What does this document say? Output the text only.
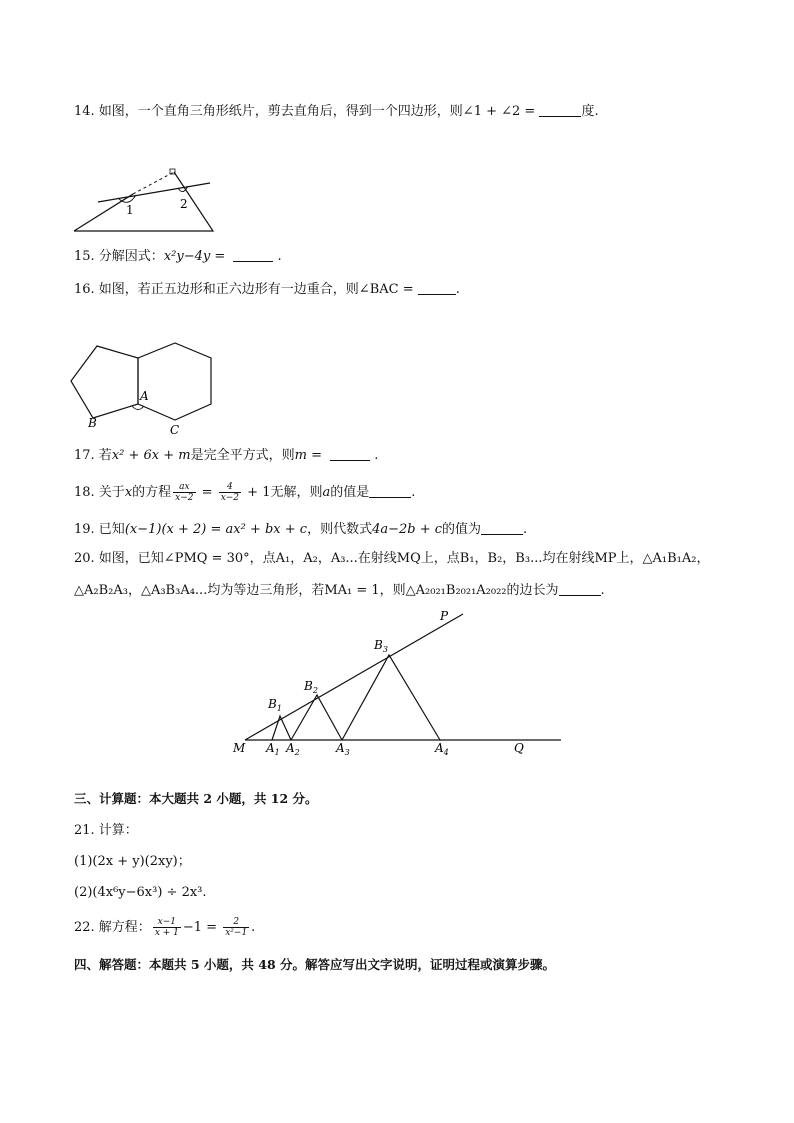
14. 如图，一个直角三角形纸片，剪去直角后，得到一个四边形，则∠1 + ∠2 =	度.
1	2
15. 分解因式：x²y−4y =	.
16. 如图，若正五边形和正六边形有一边重合，则∠BAC =	.
A
B	C
17. 若x² + 6x + m是完全平方式，则m =	.
18. 关于x的方程 $\frac{ax}{x-2} = \frac{4}{x-2} + 1$无解，则a的值是	.
19. 已知(x−1)(x + 2) = ax² + bx + c，则代数式4a−2b + c的值为	.
20. 如图，已知∠PMQ = 30°，点A₁，A₂，A₃...在射线MQ上，点B₁，B₂，B₃...均在射线MP上，△A₁B₁A₂，
△A₂B₂A₃，△A₃B₃A₄...均为等边三角形，若MA₁ = 1，则△A₂₀₂₁B₂₀₂₁A₂₀₂₂的边长为	.
M
P
Q
$A_1$ $A_2$	$A_3$	$A_4$
$B_1$
$B_2$
$B_3$
三、计算题：本大题共 2 小题，共 12 分。
21. 计算：
(1)(2x + y)(2xy)；
(2)(4x⁶y−6x³) ÷ 2x³.
22. 解方程： $\frac{x-1}{x + 1} -1 = \frac{2}{\text{x²−1}}$ .
四、解答题：本题共 5 小题，共 48 分。解答应写出文字说明，证明过程或演算步骤。
